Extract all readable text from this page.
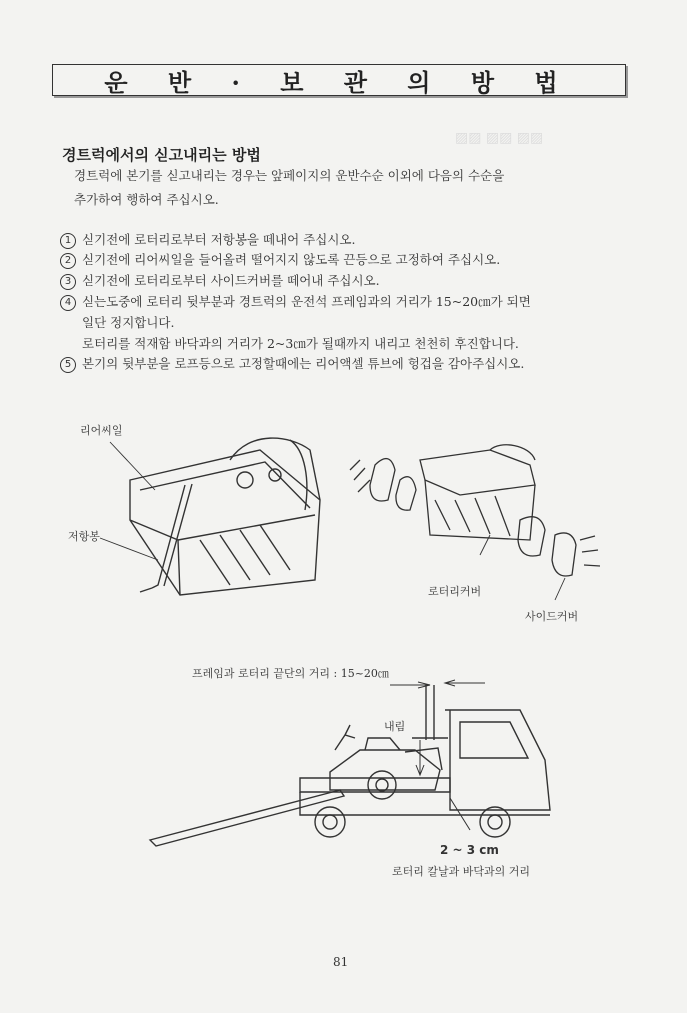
▨▨ ▨▨ ▨▨
운 반 · 보 관 의 방 법
경트럭에서의 싣고내리는 방법
경트럭에 본기를 싣고내리는 경우는 앞페이지의 운반수순 이외에 다음의 수순을
추가하여 행하여 주십시오.
1 싣기전에 로터리로부터 저항봉을 떼내어 주십시오.
2 싣기전에 리어씨일을 들어올려 떨어지지 않도록 끈등으로 고정하여 주십시오.
3 싣기전에 로터리로부터 사이드커버를 떼어내 주십시오.
4 싣는도중에 로터리 뒷부분과 경트럭의 운전석 프레임과의 거리가 15~20㎝가 되면
일단 정지합니다.
로터리를 적재함 바닥과의 거리가 2~3㎝가 될때까지 내리고 천천히 후진합니다.
5 본기의 뒷부분을 로프등으로 고정할때에는 리어액셀 튜브에 헝겁을 감아주십시오.
리어씨일
저항봉
로터리커버
사이드커버
프레임과 로터리 끝단의 거리 : 15~20㎝
내림
2 ~ 3 cm
로터리 칼날과 바닥과의 거리
81
